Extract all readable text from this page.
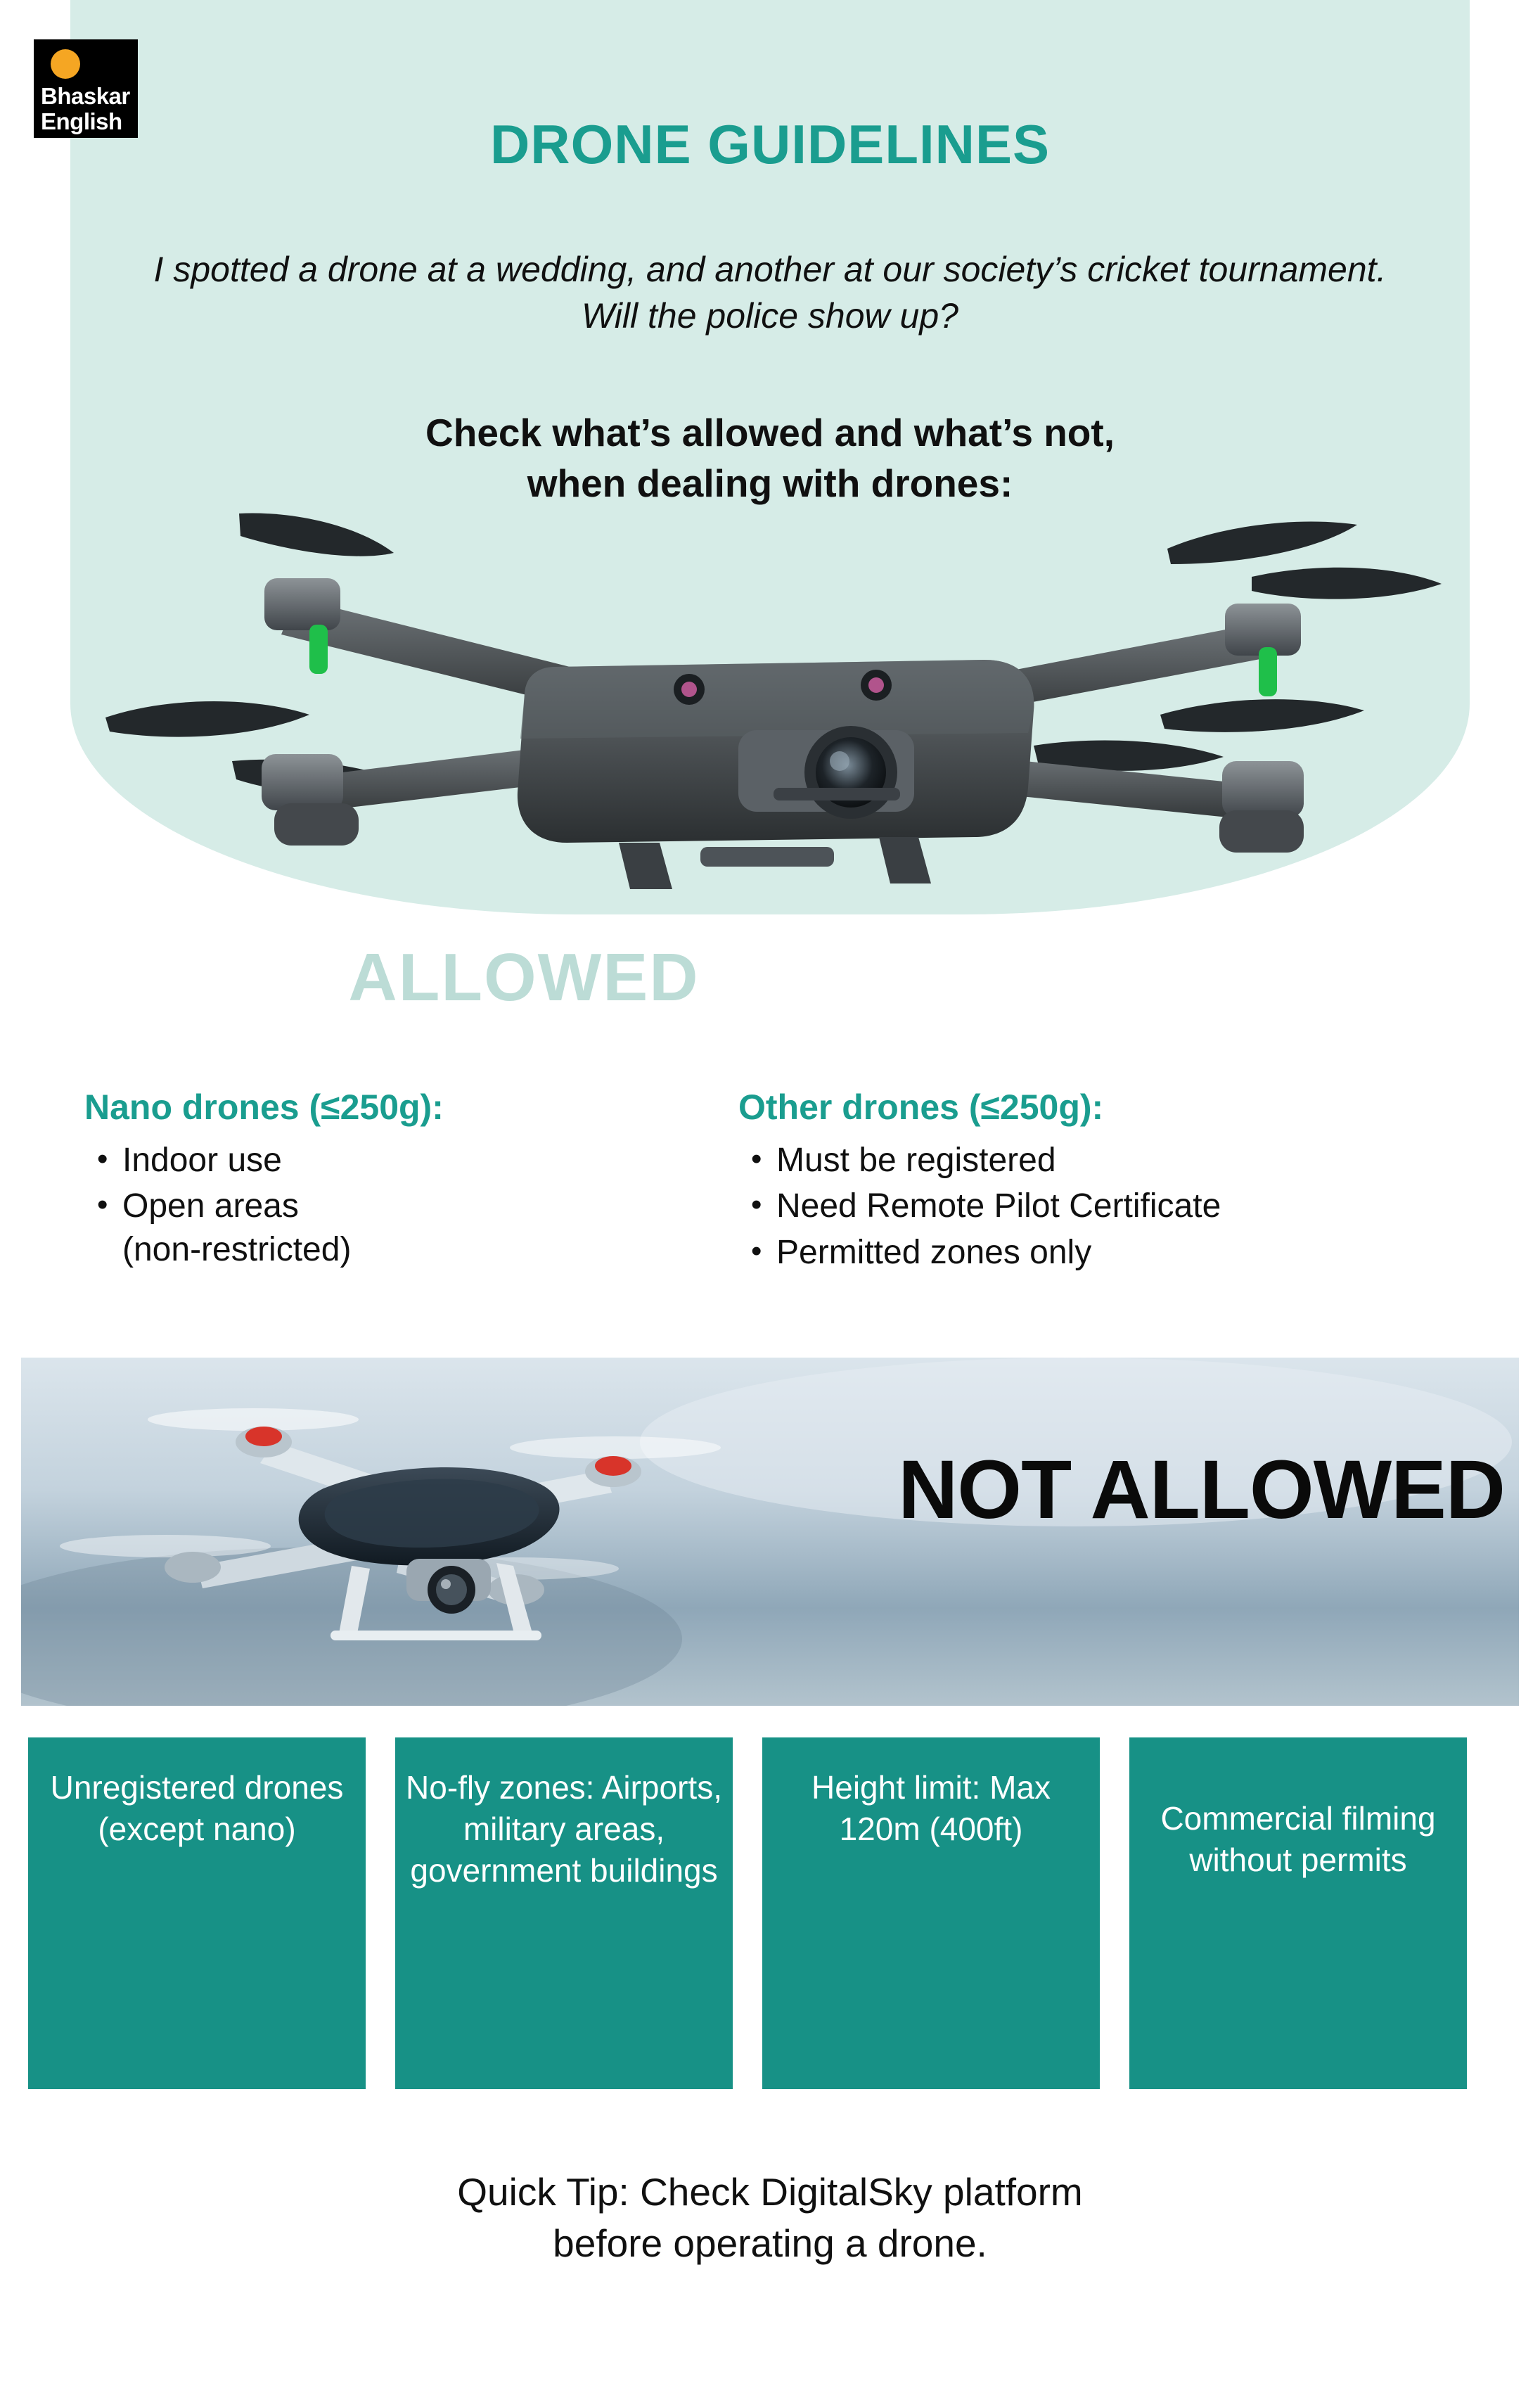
Bhaskar
English	DRONE GUIDELINES
I spotted a drone at a wedding, and another at our society’s cricket tournament. Will the police show up?
Check what’s allowed and what’s not,
when dealing with drones:
ALLOWED
Nano drones (≤250g):
• Indoor use
• Open areas
(non-restricted)
Other drones (≤250g):
• Must be registered
• Need Remote Pilot Certificate
• Permitted zones only
NOT ALLOWED
Unregistered drones (except nano)
No-fly zones: Airports, military areas, government buildings
Height limit: Max 120m (400ft)	Commercial filming without permits
Quick Tip: Check DigitalSky platform
before operating a drone.
